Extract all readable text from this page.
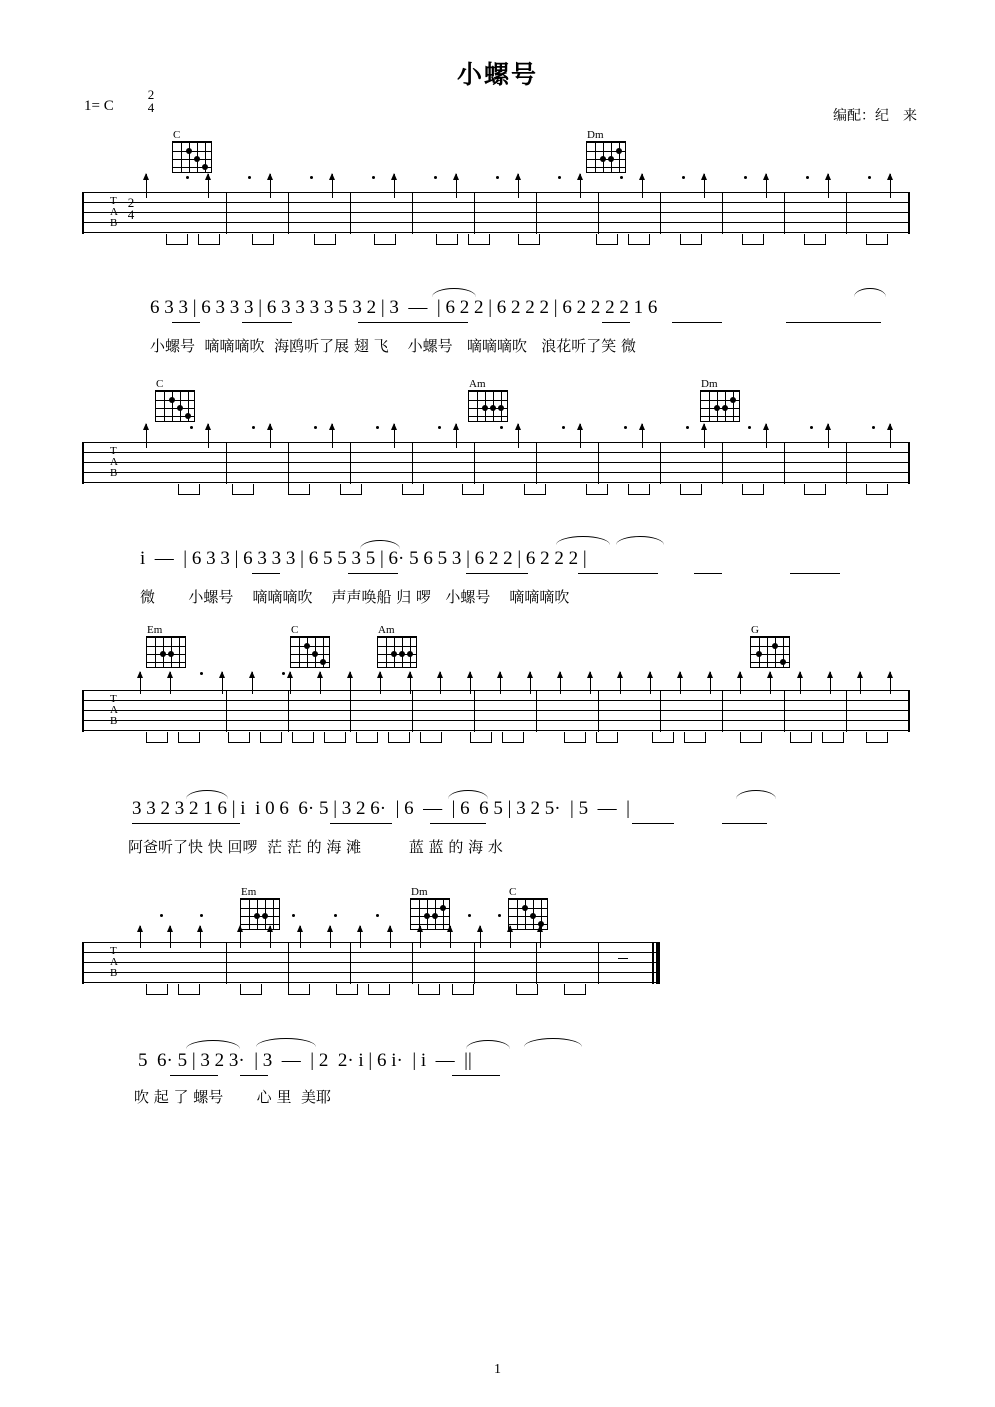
小螺号
1= C
2
4
编配：纪　来
C	Dm
T
A
B
2
4
6 3 3 | 6 3 3 3 | 6 3 3 3 3 5 3 2 | 3  —  | 6 2 2 | 6 2 2 2 | 6 2 2 2 2 1 6
小螺号  嘀嘀嘀吹  海鸥听了展 翅 飞    小螺号   嘀嘀嘀吹   浪花听了笑 微
C	Am	Dm
T
A
B
i  —  | 6 3 3 | 6 3 3 3 | 6 5 5 3 5 | 6· 5 6 5 3 | 6 2 2 | 6 2 2 2 |
微       小螺号    嘀嘀嘀吹    声声唤船 归 啰   小螺号    嘀嘀嘀吹
Em	C	Am	G
T
A
B
3 3 2 3 2 1 6 | i  i 0 6  6· 5 | 3 2 6·  | 6  —  | 6  6 5 | 3 2 5·  | 5  —  |
阿爸听了快 快 回啰  茫 茫 的 海 滩          蓝 蓝 的 海 水
Em	Dm	C
T
A
B
5  6· 5 | 3 2 3·  | 3  —  | 2  2· i | 6 i·  | i  —  ||
吹 起 了 螺号       心 里  美耶
1
